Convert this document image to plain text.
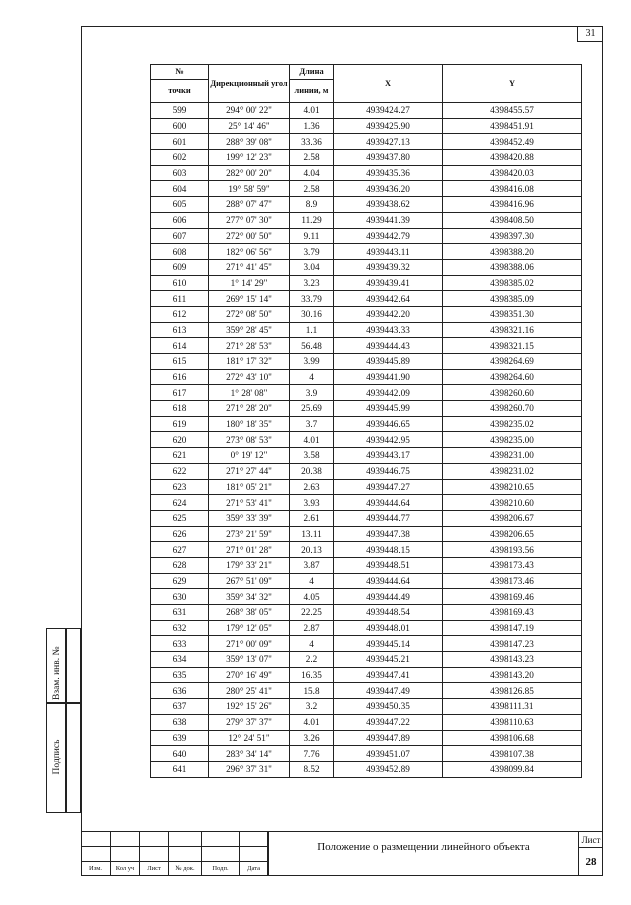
31
№	Дирекционный угол	Длина	X	Y
точки		линии, м		
599	294° 00' 22"	4.01	4939424.27	4398455.57
600	25° 14' 46"	1.36	4939425.90	4398451.91
601	288° 39' 08"	33.36	4939427.13	4398452.49
602	199° 12' 23"	2.58	4939437.80	4398420.88
603	282° 00' 20"	4.04	4939435.36	4398420.03
604	19° 58' 59"	2.58	4939436.20	4398416.08
605	288° 07' 47"	8.9	4939438.62	4398416.96
606	277° 07' 30"	11.29	4939441.39	4398408.50
607	272° 00' 50"	9.11	4939442.79	4398397.30
608	182° 06' 56"	3.79	4939443.11	4398388.20
609	271° 41' 45"	3.04	4939439.32	4398388.06
610	1° 14' 29"	3.23	4939439.41	4398385.02
611	269° 15' 14"	33.79	4939442.64	4398385.09
612	272° 08' 50"	30.16	4939442.20	4398351.30
613	359° 28' 45"	1.1	4939443.33	4398321.16
614	271° 28' 53"	56.48	4939444.43	4398321.15
615	181° 17' 32"	3.99	4939445.89	4398264.69
616	272° 43' 10"	4	4939441.90	4398264.60
617	1° 28' 08"	3.9	4939442.09	4398260.60
618	271° 28' 20"	25.69	4939445.99	4398260.70
619	180° 18' 35"	3.7	4939446.65	4398235.02
620	273° 08' 53"	4.01	4939442.95	4398235.00
621	0° 19' 12"	3.58	4939443.17	4398231.00
622	271° 27' 44"	20.38	4939446.75	4398231.02
623	181° 05' 21"	2.63	4939447.27	4398210.65
624	271° 53' 41"	3.93	4939444.64	4398210.60
625	359° 33' 39"	2.61	4939444.77	4398206.67
626	273° 21' 59"	13.11	4939447.38	4398206.65
627	271° 01' 28"	20.13	4939448.15	4398193.56
628	179° 33' 21"	3.87	4939448.51	4398173.43
629	267° 51' 09"	4	4939444.64	4398173.46
630	359° 34' 32"	4.05	4939444.49	4398169.46
631	268° 38' 05"	22.25	4939448.54	4398169.43
632	179° 12' 05"	2.87	4939448.01	4398147.19
633	271° 00' 09"	4	4939445.14	4398147.23
634	359° 13' 07"	2.2	4939445.21	4398143.23
635	270° 16' 49"	16.35	4939447.41	4398143.20
636	280° 25' 41"	15.8	4939447.49	4398126.85
637	192° 15' 26"	3.2	4939450.35	4398111.31
638	279° 37' 37"	4.01	4939447.22	4398110.63
639	12° 24' 51"	3.26	4939447.89	4398106.68
640	283° 34' 14"	7.76	4939451.07	4398107.38
641	296° 37' 31"	8.52	4939452.89	4398099.84
Взам. инв. №
Подпись
Изм.	Кол уч	Лист	№ док.	Подп.	Дата
Положение о размещении линейного объекта
Лист
28
